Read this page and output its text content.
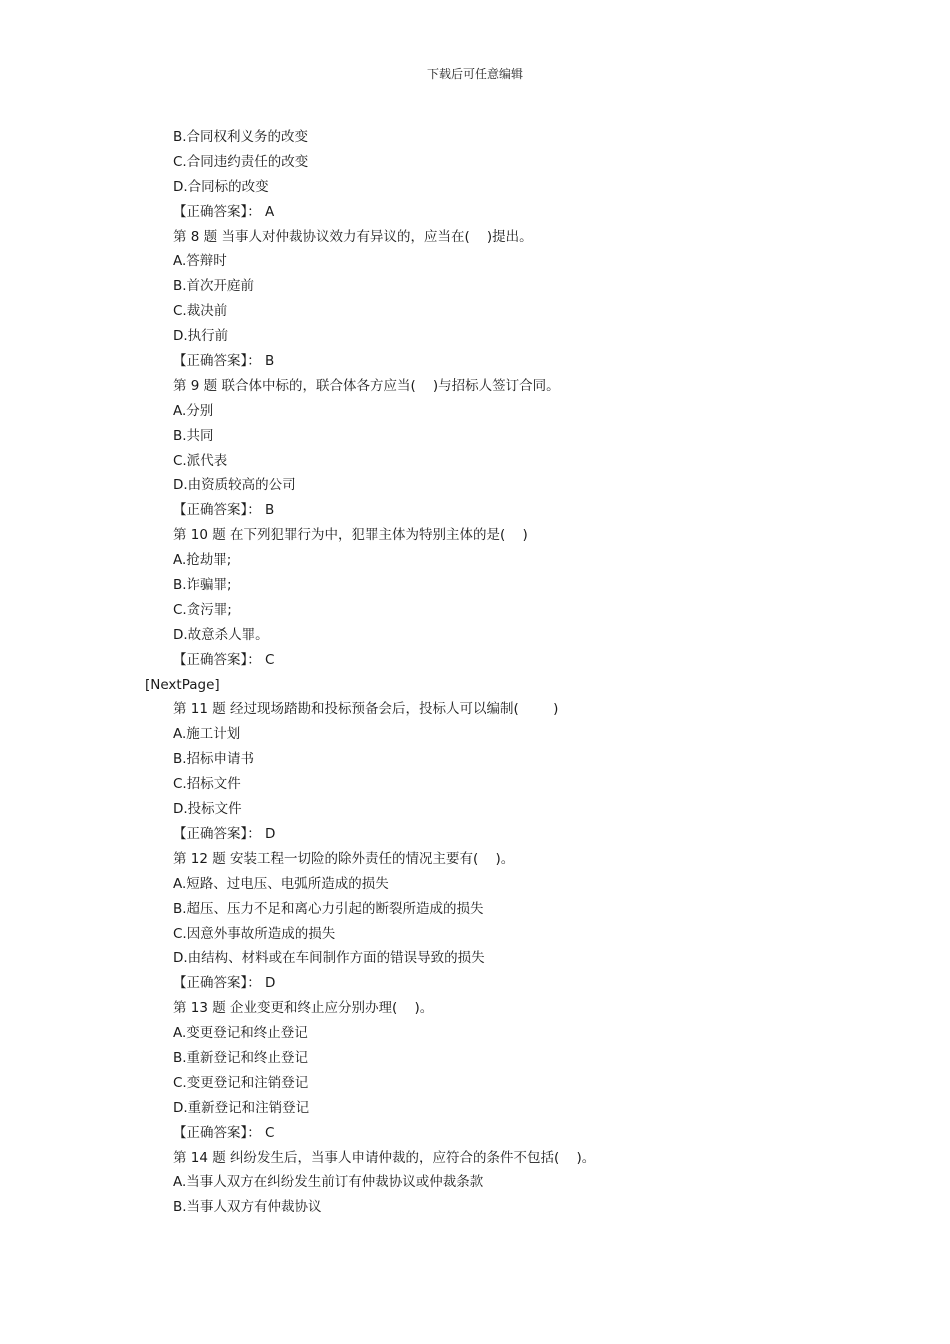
下载后可任意编辑
B.合同权利义务的改变
C.合同违约责任的改变
D.合同标的改变
【正确答案】： A
第 8 题 当事人对仲裁协议效力有异议的，应当在(    )提出。
A.答辩时
B.首次开庭前
C.裁决前
D.执行前
【正确答案】： B
第 9 题 联合体中标的，联合体各方应当(    )与招标人签订合同。
A.分别
B.共同
C.派代表
D.由资质较高的公司
【正确答案】： B
第 10 题 在下列犯罪行为中，犯罪主体为特别主体的是(    )
A.抢劫罪;
B.诈骗罪;
C.贪污罪;
D.故意杀人罪。
【正确答案】： C
[NextPage]
第 11 题 经过现场踏勘和投标预备会后，投标人可以编制(        )
A.施工计划
B.招标申请书
C.招标文件
D.投标文件
【正确答案】： D
第 12 题 安装工程一切险的除外责任的情况主要有(    )。
A.短路、过电压、电弧所造成的损失
B.超压、压力不足和离心力引起的断裂所造成的损失
C.因意外事故所造成的损失
D.由结构、材料或在车间制作方面的错误导致的损失
【正确答案】： D
第 13 题 企业变更和终止应分别办理(    )。
A.变更登记和终止登记
B.重新登记和终止登记
C.变更登记和注销登记
D.重新登记和注销登记
【正确答案】： C
第 14 题 纠纷发生后，当事人申请仲裁的，应符合的条件不包括(    )。
A.当事人双方在纠纷发生前订有仲裁协议或仲裁条款
B.当事人双方有仲裁协议
